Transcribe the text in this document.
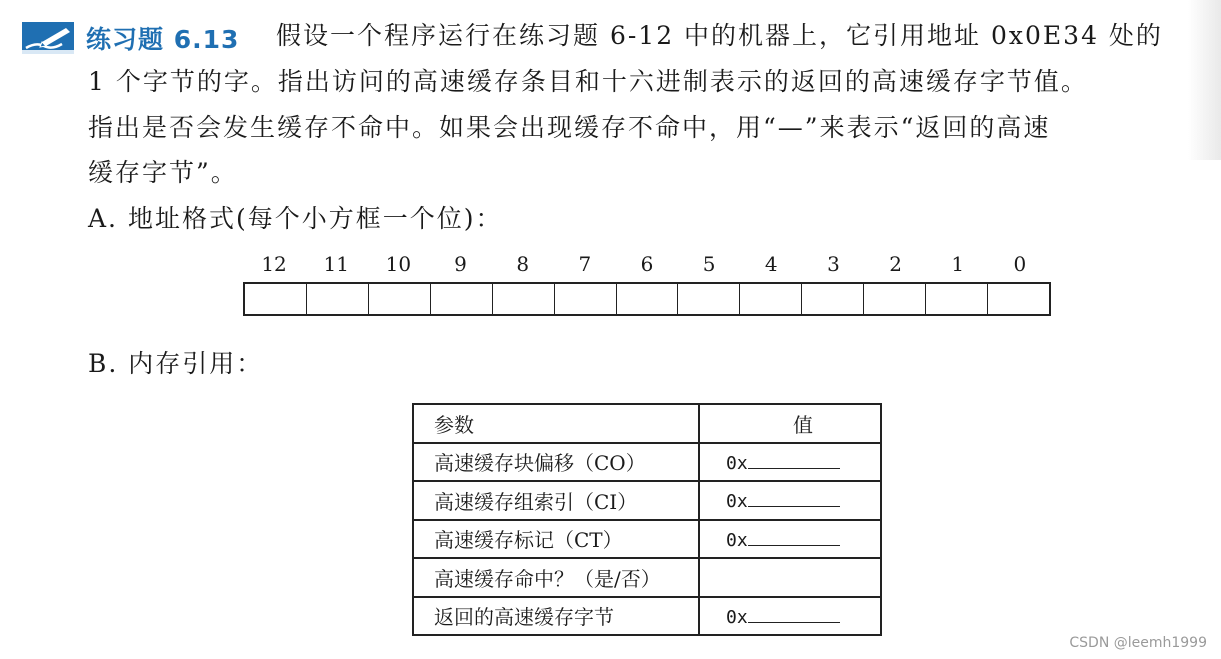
练习题 6.13 假设一个程序运行在练习题 6-12 中的机器上，它引用地址 0x0E34 处的
1 个字节的字。指出访问的高速缓存条目和十六进制表示的返回的高速缓存字节值。
指出是否会发生缓存不命中。如果会出现缓存不命中，用“—”来表示“返回的高速
缓存字节”。
A. 地址格式(每个小方框一个位)：
12	11	10	9	8	7	6	5	4	3	2	1	0
B. 内存引用：
参数	值
高速缓存块偏移（CO）	0x
高速缓存组索引（CI）	0x
高速缓存标记（CT）	0x
高速缓存命中？（是/否）	
返回的高速缓存字节	0x
CSDN @leemh1999
